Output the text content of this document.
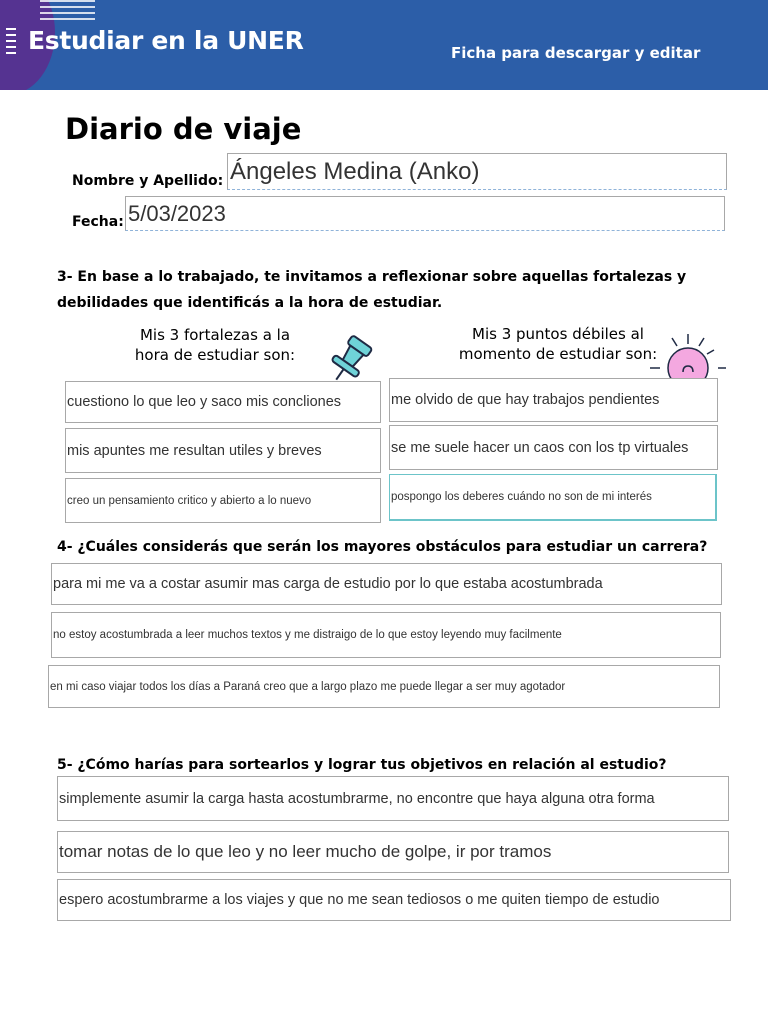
Estudiar en la UNER	Ficha para descargar y editar
Diario de viaje
Nombre y Apellido: Ángeles Medina (Anko)
Fecha: 5/03/2023
3- En base a lo trabajado, te invitamos a reflexionar sobre aquellas fortalezas y debilidades que identificás a la hora de estudiar.
Mis 3 fortalezas a la
hora de estudiar son:
Mis 3 puntos débiles al
momento de estudiar son:
cuestiono lo que leo y saco mis concliones
mis apuntes me resultan utiles y breves
creo un pensamiento critico y abierto a lo nuevo
me olvido de que hay trabajos pendientes
se me suele hacer un caos con los tp virtuales
pospongo los deberes cuándo no son de mi interés
4- ¿Cuáles considerás que serán los mayores obstáculos para estudiar un carrera?
para mi me va a costar asumir mas carga de estudio por lo que estaba acostumbrada
no estoy acostumbrada a leer muchos textos y me distraigo de lo que estoy leyendo muy facilmente
en mi caso viajar todos los días a Paraná creo que a largo plazo me puede llegar a ser muy agotador
5- ¿Cómo harías para sortearlos y lograr tus objetivos en relación al estudio?
simplemente asumir la carga hasta acostumbrarme, no encontre que haya alguna otra forma
tomar notas de lo que leo y no leer mucho de golpe, ir por tramos
espero acostumbrarme a los viajes y que no me sean tediosos o me quiten tiempo de estudio
